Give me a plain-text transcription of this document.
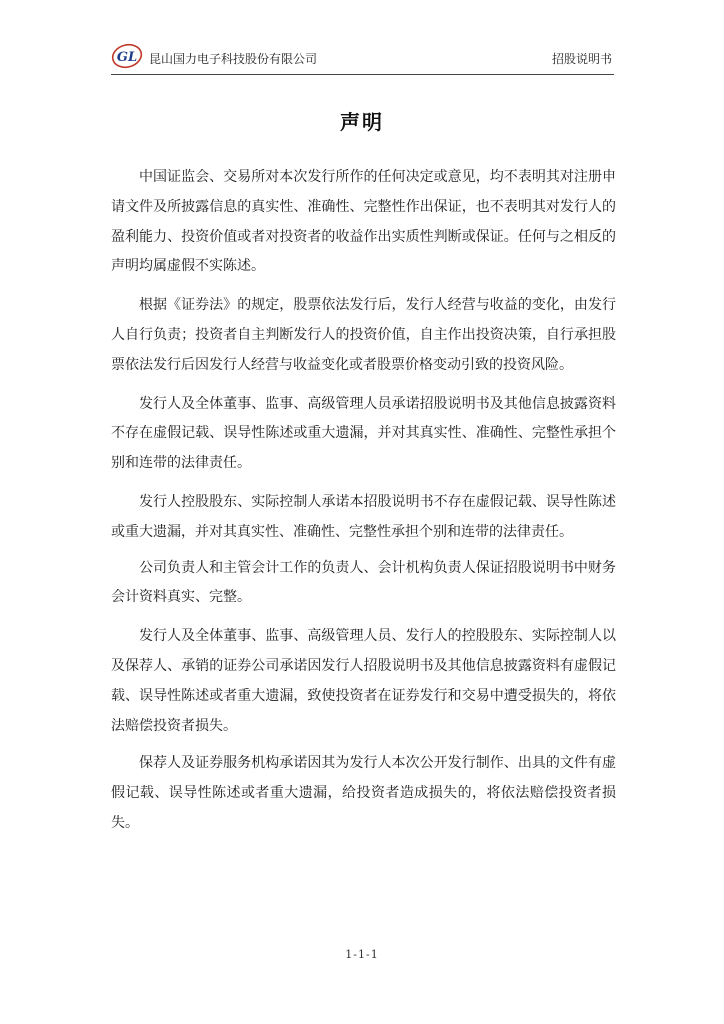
GL 昆山国力电子科技股份有限公司	招股说明书
声明

中国证监会、交易所对本次发行所作的任何决定或意见，均不表明其对注册申请文件及所披露信息的真实性、准确性、完整性作出保证，也不表明其对发行人的盈利能力、投资价值或者对投资者的收益作出实质性判断或保证。任何与之相反的声明均属虚假不实陈述。

根据《证券法》的规定，股票依法发行后，发行人经营与收益的变化，由发行人自行负责；投资者自主判断发行人的投资价值，自主作出投资决策，自行承担股票依法发行后因发行人经营与收益变化或者股票价格变动引致的投资风险。

发行人及全体董事、监事、高级管理人员承诺招股说明书及其他信息披露资料不存在虚假记载、误导性陈述或重大遗漏，并对其真实性、准确性、完整性承担个别和连带的法律责任。

发行人控股股东、实际控制人承诺本招股说明书不存在虚假记载、误导性陈述或重大遗漏，并对其真实性、准确性、完整性承担个别和连带的法律责任。

公司负责人和主管会计工作的负责人、会计机构负责人保证招股说明书中财务会计资料真实、完整。

发行人及全体董事、监事、高级管理人员、发行人的控股股东、实际控制人以及保荐人、承销的证券公司承诺因发行人招股说明书及其他信息披露资料有虚假记载、误导性陈述或者重大遗漏，致使投资者在证券发行和交易中遭受损失的，将依法赔偿投资者损失。

保荐人及证券服务机构承诺因其为发行人本次公开发行制作、出具的文件有虚假记载、误导性陈述或者重大遗漏，给投资者造成损失的，将依法赔偿投资者损失。

1-1-1
